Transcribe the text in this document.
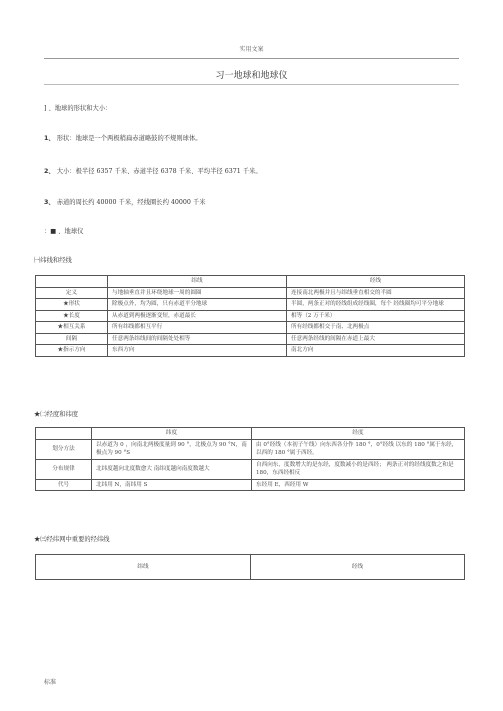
实用文案
习一地球和地球仪
] 、地球的形状和大小：
1、 形状：地球是一个两极稍扁赤道略鼓的不规则球体。
2、 大小：极半径 6357 千米、赤道半径 6378 千米、平均半径 6371 千米。
3、 赤道的周长约 40000 千米，经线圈长约 40000 千米
：■ 、地球仪
㈠纬线和经线
	纬线	经线
定义	与地轴垂直并且环绕地球一周的圆圈	连接南北两极并且与纬线垂直相交的半圆
★形状	除极点外，均为圆，只有赤道平分地球	半圆，两条正对的经线组成经线圈，每个 经线圈均可平分地球
★长度	从赤道到两极逐渐变短，赤道最长	相等（2 万千米）
★相互关系	所有纬线都相互平行	所有经线都相交于南、北两极点
间隔	任意两条纬线间的间隔处处相等	任意两条经线的间隔在赤道上最大
★指示方向	东西方向	南北方向
★㈡经度和纬度
	纬度	经度
划分方法	以赤道为 0 ，向南北两极度量到 90 °，北极点为 90 °N，南极点为 90 °S	由 0°经线（本初子午线）向东西各分作 180 °，0°经线 以东的 180 °属于东经，以西的 180 °属于西经。
分布规律	北纬度越向北度数愈大 南纬度越向南度数越大	自西向东，度数增大的是东经，度数减小的是西经； 两条正对的经线度数之和是 180，东西经相反
代号	北纬用 N，南纬用 S	东经用 E，西经用 W
★㈢经纬网中重要的经纬线
纬线	经线
标准
